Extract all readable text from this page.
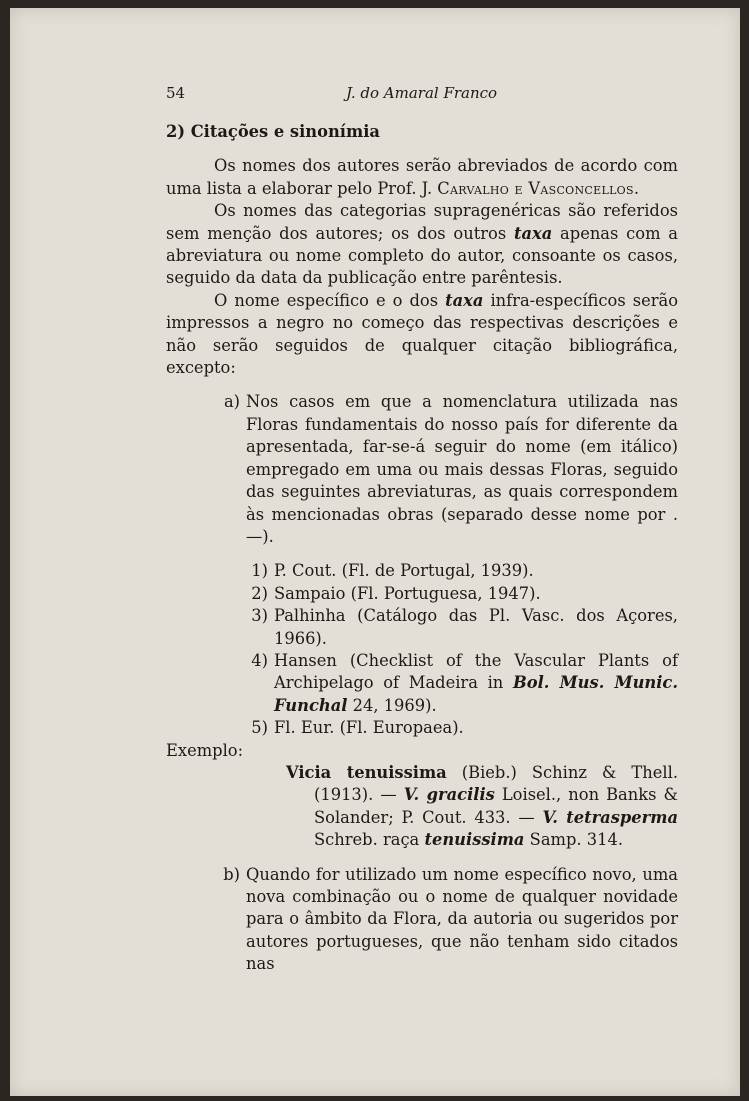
54	J. do Amaral Franco

2) Citações e sinonímia

Os nomes dos autores serão abreviados de acordo com uma lista a elaborar pelo Prof. J. Carvalho e Vasconcellos.

Os nomes das categorias supragenéricas são referidos sem menção dos autores; os dos outros taxa apenas com a abreviatura ou nome completo do autor, consoante os casos, seguido da data da publicação entre parêntesis.

O nome específico e o dos taxa infra-específicos serão impressos a negro no começo das respectivas descrições e não serão seguidos de qualquer citação bibliográfica, excepto:

a) Nos casos em que a nomenclatura utilizada nas Floras fundamentais do nosso país for diferente da apresentada, far-se-á seguir do nome (em itálico) empregado em uma ou mais dessas Floras, seguido das seguintes abreviaturas, as quais correspondem às mencionadas obras (separado desse nome por .—).
1) P. Cout. (Fl. de Portugal, 1939).
2) Sampaio (Fl. Portuguesa, 1947).
3) Palhinha (Catálogo das Pl. Vasc. dos Açores, 1966).
4) Hansen (Checklist of the Vascular Plants of Archipelago of Madeira in Bol. Mus. Munic. Funchal 24, 1969).
5) Fl. Eur. (Fl. Europaea).

Exemplo:

Vicia tenuissima (Bieb.) Schinz & Thell. (1913). — V. gracilis Loisel., non Banks & Solander; P. Cout. 433. — V. tetrasperma Schreb. raça tenuissima Samp. 314.

b) Quando for utilizado um nome específico novo, uma nova combinação ou o nome de qualquer novidade para o âmbito da Flora, da autoria ou sugeridos por autores portugueses, que não tenham sido citados nas
